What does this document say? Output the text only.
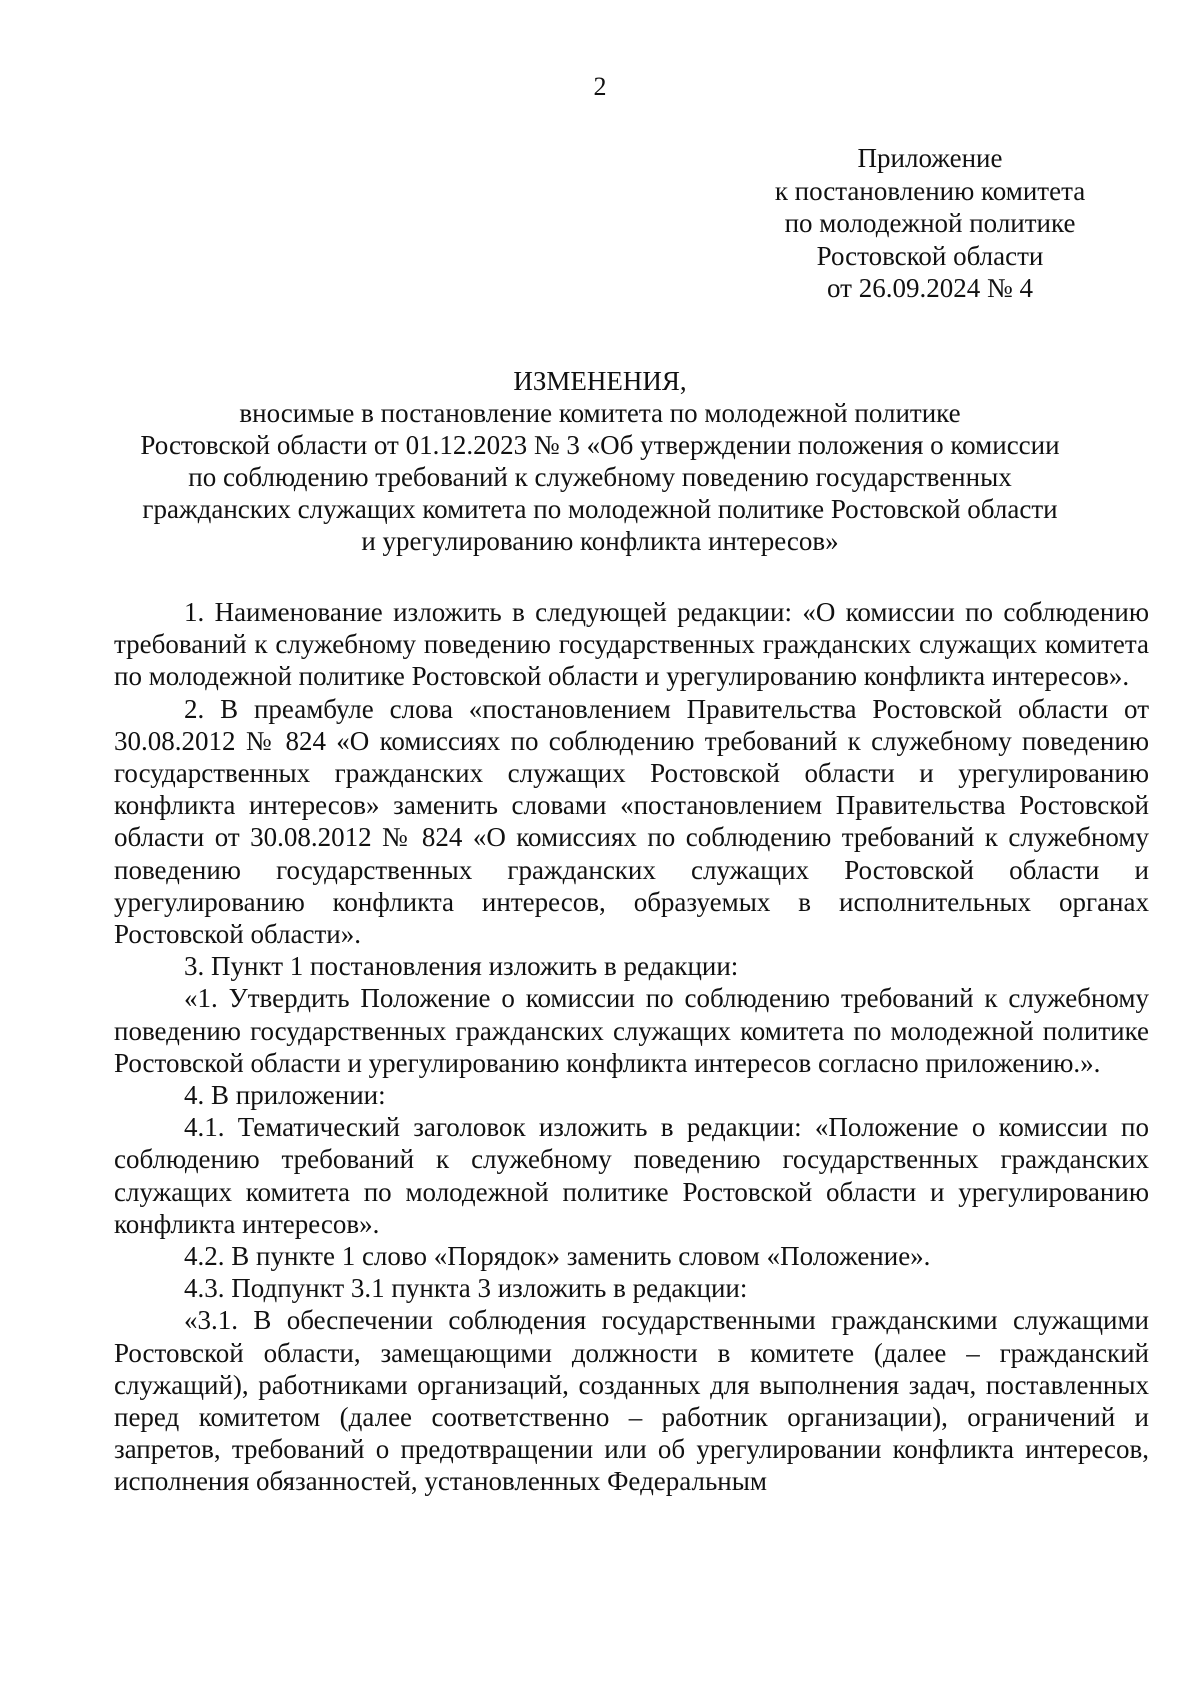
2
Приложение
к постановлению комитета
по молодежной политике
Ростовской области
от 26.09.2024 № 4
ИЗМЕНЕНИЯ,
вносимые в постановление комитета по молодежной политике
Ростовской области от 01.12.2023 № 3 «Об утверждении положения о комиссии
по соблюдению требований к служебному поведению государственных
гражданских служащих комитета по молодежной политике Ростовской области
и урегулированию конфликта интересов»

1. Наименование изложить в следующей редакции: «О комиссии по соблюдению требований к служебному поведению государственных гражданских служащих комитета по молодежной политике Ростовской области и урегулированию конфликта интересов».

2. В преамбуле слова «постановлением Правительства Ростовской области от 30.08.2012 № 824 «О комиссиях по соблюдению требований к служебному поведению государственных гражданских служащих Ростовской области и урегулированию конфликта интересов» заменить словами «постановлением Правительства Ростовской области от 30.08.2012 № 824 «О комиссиях по соблюдению требований к служебному поведению государственных гражданских служащих Ростовской области и урегулированию конфликта интересов, образуемых в исполнительных органах Ростовской области».

3. Пункт 1 постановления изложить в редакции:

«1. Утвердить Положение о комиссии по соблюдению требований к служебному поведению государственных гражданских служащих комитета по молодежной политике Ростовской области и урегулированию конфликта интересов согласно приложению.».

4. В приложении:

4.1. Тематический заголовок изложить в редакции: «Положение о комиссии по соблюдению требований к служебному поведению государственных гражданских служащих комитета по молодежной политике Ростовской области и урегулированию конфликта интересов».

4.2. В пункте 1 слово «Порядок» заменить словом «Положение».

4.3. Подпункт 3.1 пункта 3 изложить в редакции:

«3.1. В обеспечении соблюдения государственными гражданскими служащими Ростовской области, замещающими должности в комитете (далее – гражданский служащий), работниками организаций, созданных для выполнения задач, поставленных перед комитетом (далее соответственно – работник организации), ограничений и запретов, требований о предотвращении или об урегулировании конфликта интересов, исполнения обязанностей, установленных Федеральным
